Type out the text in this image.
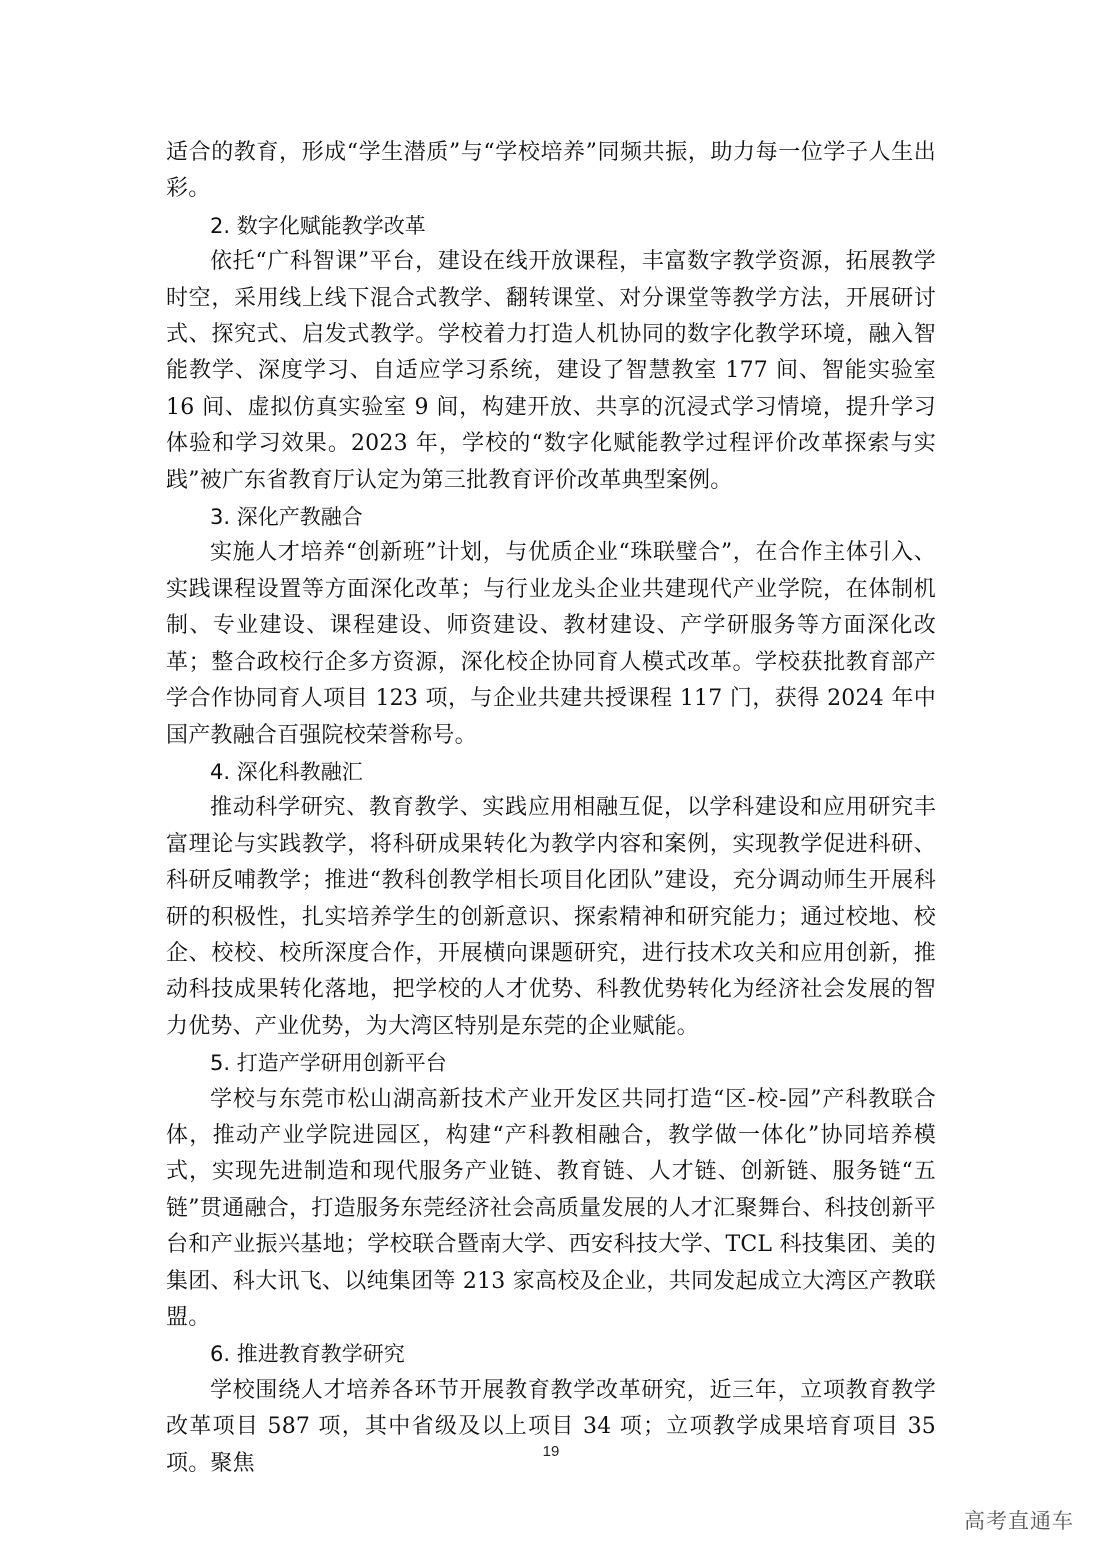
适合的教育，形成“学生潜质”与“学校培养”同频共振，助力每一位学子人生出彩。

2. 数字化赋能教学改革

依托“广科智课”平台，建设在线开放课程，丰富数字教学资源，拓展教学时空，采用线上线下混合式教学、翻转课堂、对分课堂等教学方法，开展研讨式、探究式、启发式教学。学校着力打造人机协同的数字化教学环境，融入智能教学、深度学习、自适应学习系统，建设了智慧教室 177 间、智能实验室 16 间、虚拟仿真实验室 9 间，构建开放、共享的沉浸式学习情境，提升学习体验和学习效果。2023 年，学校的“数字化赋能教学过程评价改革探索与实践”被广东省教育厅认定为第三批教育评价改革典型案例。

3. 深化产教融合

实施人才培养“创新班”计划，与优质企业“珠联璧合”，在合作主体引入、实践课程设置等方面深化改革；与行业龙头企业共建现代产业学院，在体制机制、专业建设、课程建设、师资建设、教材建设、产学研服务等方面深化改革；整合政校行企多方资源，深化校企协同育人模式改革。学校获批教育部产学合作协同育人项目 123 项，与企业共建共授课程 117 门，获得 2024 年中国产教融合百强院校荣誉称号。

4. 深化科教融汇

推动科学研究、教育教学、实践应用相融互促，以学科建设和应用研究丰富理论与实践教学，将科研成果转化为教学内容和案例，实现教学促进科研、科研反哺教学；推进“教科创教学相长项目化团队”建设，充分调动师生开展科研的积极性，扎实培养学生的创新意识、探索精神和研究能力；通过校地、校企、校校、校所深度合作，开展横向课题研究，进行技术攻关和应用创新，推动科技成果转化落地，把学校的人才优势、科教优势转化为经济社会发展的智力优势、产业优势，为大湾区特别是东莞的企业赋能。

5. 打造产学研用创新平台

学校与东莞市松山湖高新技术产业开发区共同打造“区-校-园”产科教联合体，推动产业学院进园区，构建“产科教相融合，教学做一体化”协同培养模式，实现先进制造和现代服务产业链、教育链、人才链、创新链、服务链“五链”贯通融合，打造服务东莞经济社会高质量发展的人才汇聚舞台、科技创新平台和产业振兴基地；学校联合暨南大学、西安科技大学、TCL 科技集团、美的集团、科大讯飞、以纯集团等 213 家高校及企业，共同发起成立大湾区产教联盟。

6. 推进教育教学研究

学校围绕人才培养各环节开展教育教学改革研究，近三年，立项教育教学改革项目 587 项，其中省级及以上项目 34 项；立项教学成果培育项目 35 项。聚焦	19
高考直通车
